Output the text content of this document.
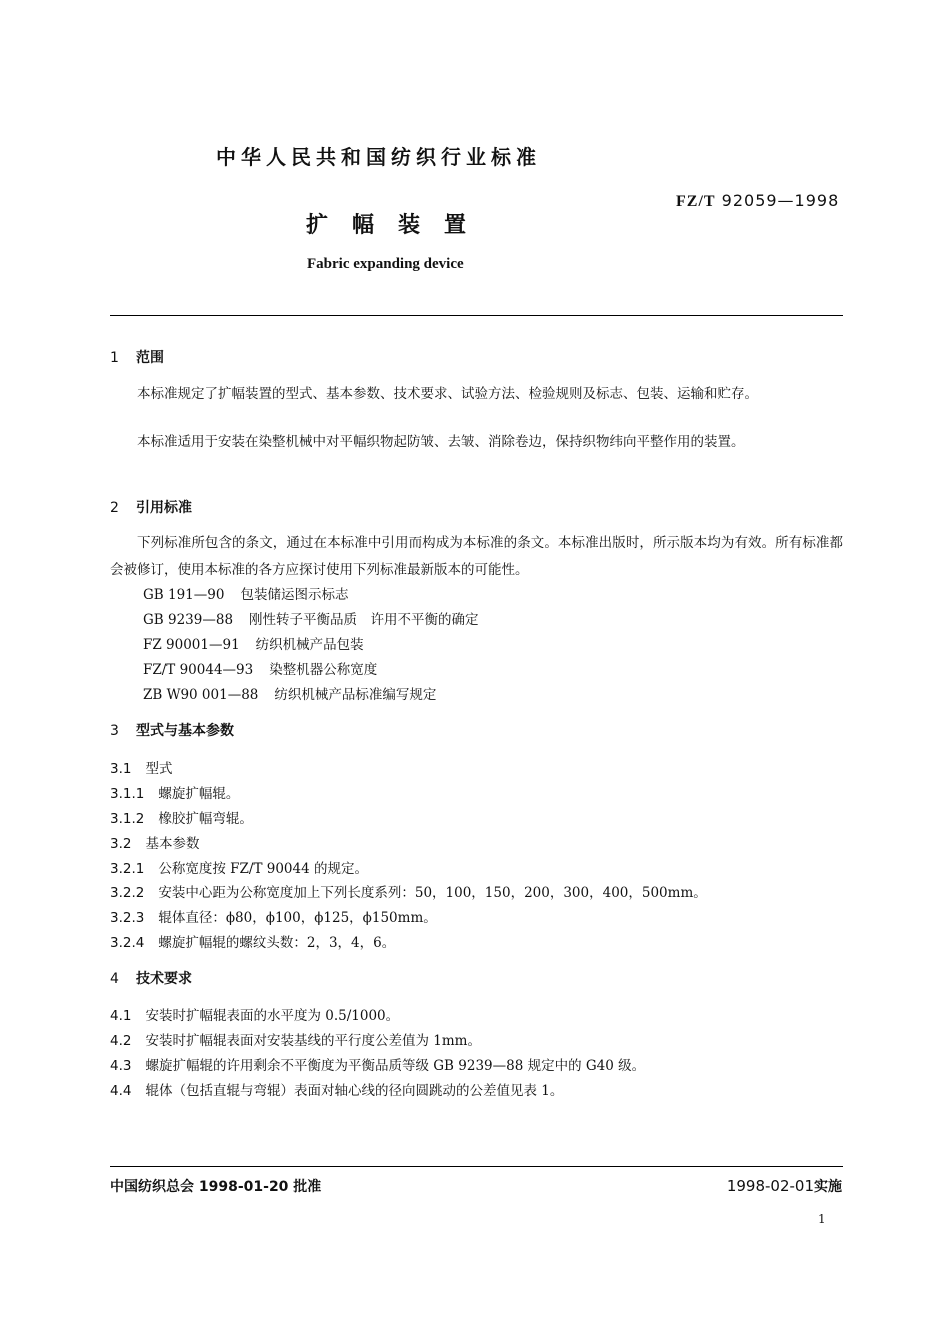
中华人民共和国纺织行业标准
FZ/T 92059—1998
扩幅装置
Fabric expanding device
1 范围
本标准规定了扩幅装置的型式、基本参数、技术要求、试验方法、检验规则及标志、包装、运输和贮存。
本标准适用于安装在染整机械中对平幅织物起防皱、去皱、消除卷边，保持织物纬向平整作用的装置。
2 引用标准
下列标准所包含的条文，通过在本标准中引用而构成为本标准的条文。本标准出版时，所示版本均为有效。所有标准都会被修订，使用本标准的各方应探讨使用下列标准最新版本的可能性。
GB 191—90 包装储运图示标志
GB 9239—88 刚性转子平衡品质　许用不平衡的确定
FZ 90001—91 纺织机械产品包装
FZ/T 90044—93 染整机器公称宽度
ZB W90 001—88 纺织机械产品标准编写规定
3 型式与基本参数
3.1 型式
3.1.1 螺旋扩幅辊。
3.1.2 橡胶扩幅弯辊。
3.2 基本参数
3.2.1 公称宽度按 FZ/T 90044 的规定。
3.2.2 安装中心距为公称宽度加上下列长度系列：50，100，150，200，300，400，500mm。
3.2.3 辊体直径：ϕ80，ϕ100，ϕ125，ϕ150mm。
3.2.4 螺旋扩幅辊的螺纹头数：2，3，4，6。
4 技术要求
4.1 安装时扩幅辊表面的水平度为 0.5/1000。
4.2 安装时扩幅辊表面对安装基线的平行度公差值为 1mm。
4.3 螺旋扩幅辊的许用剩余不平衡度为平衡品质等级 GB 9239—88 规定中的 G40 级。
4.4 辊体（包括直辊与弯辊）表面对轴心线的径向圆跳动的公差值见表 1。
中国纺织总会 1998-01-20 批准	1998-02-01实施
1
